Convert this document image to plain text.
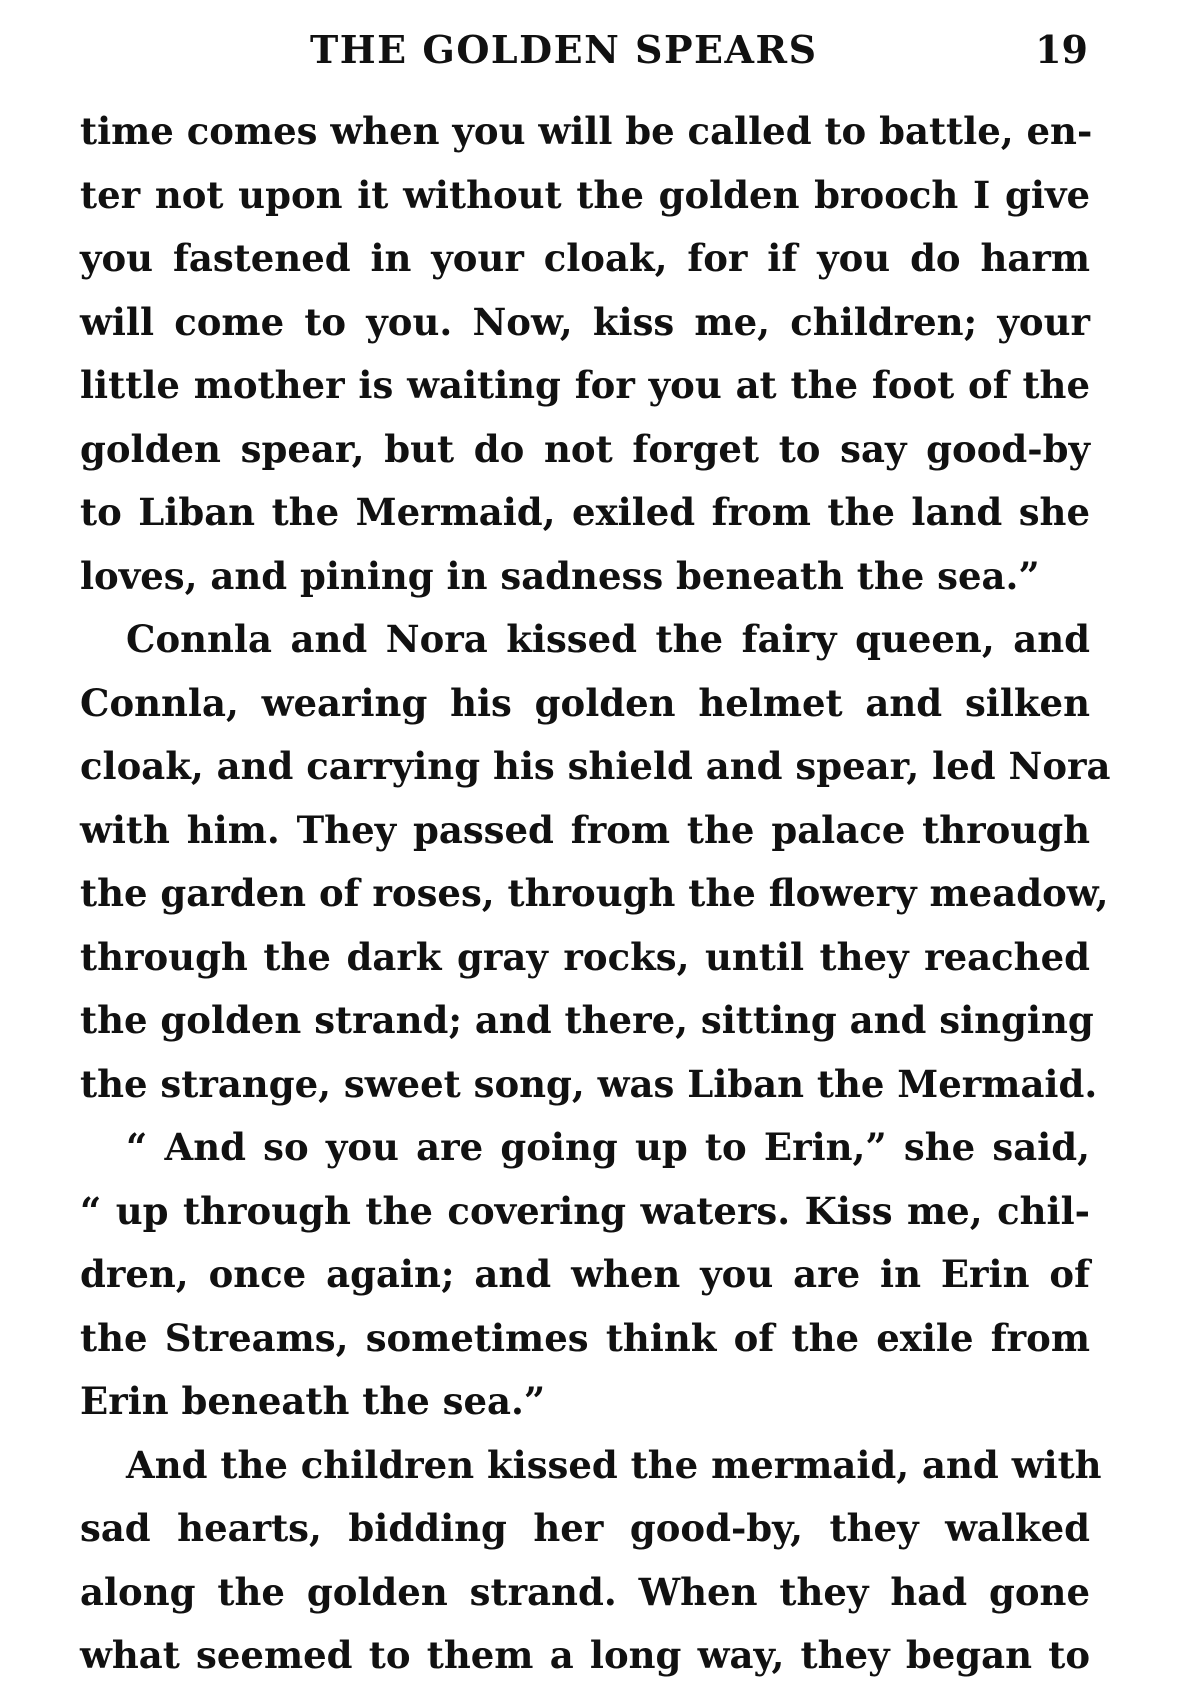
THE GOLDEN SPEARS	19
time comes when you will be called to battle, en-
ter not upon it without the golden brooch I give
you fastened in your cloak, for if you do harm
will come to you. Now, kiss me, children; your
little mother is waiting for you at the foot of the
golden spear, but do not forget to say good-by
to Liban the Mermaid, exiled from the land she
loves, and pining in sadness beneath the sea.”
Connla and Nora kissed the fairy queen, and
Connla, wearing his golden helmet and silken
cloak, and carrying his shield and spear, led Nora
with him. They passed from the palace through
the garden of roses, through the flowery meadow,
through the dark gray rocks, until they reached
the golden strand; and there, sitting and singing
the strange, sweet song, was Liban the Mermaid.
“ And so you are going up to Erin,” she said,
“ up through the covering waters. Kiss me, chil-
dren, once again; and when you are in Erin of
the Streams, sometimes think of the exile from
Erin beneath the sea.”
And the children kissed the mermaid, and with
sad hearts, bidding her good-by, they walked
along the golden strand. When they had gone
what seemed to them a long way, they began to
